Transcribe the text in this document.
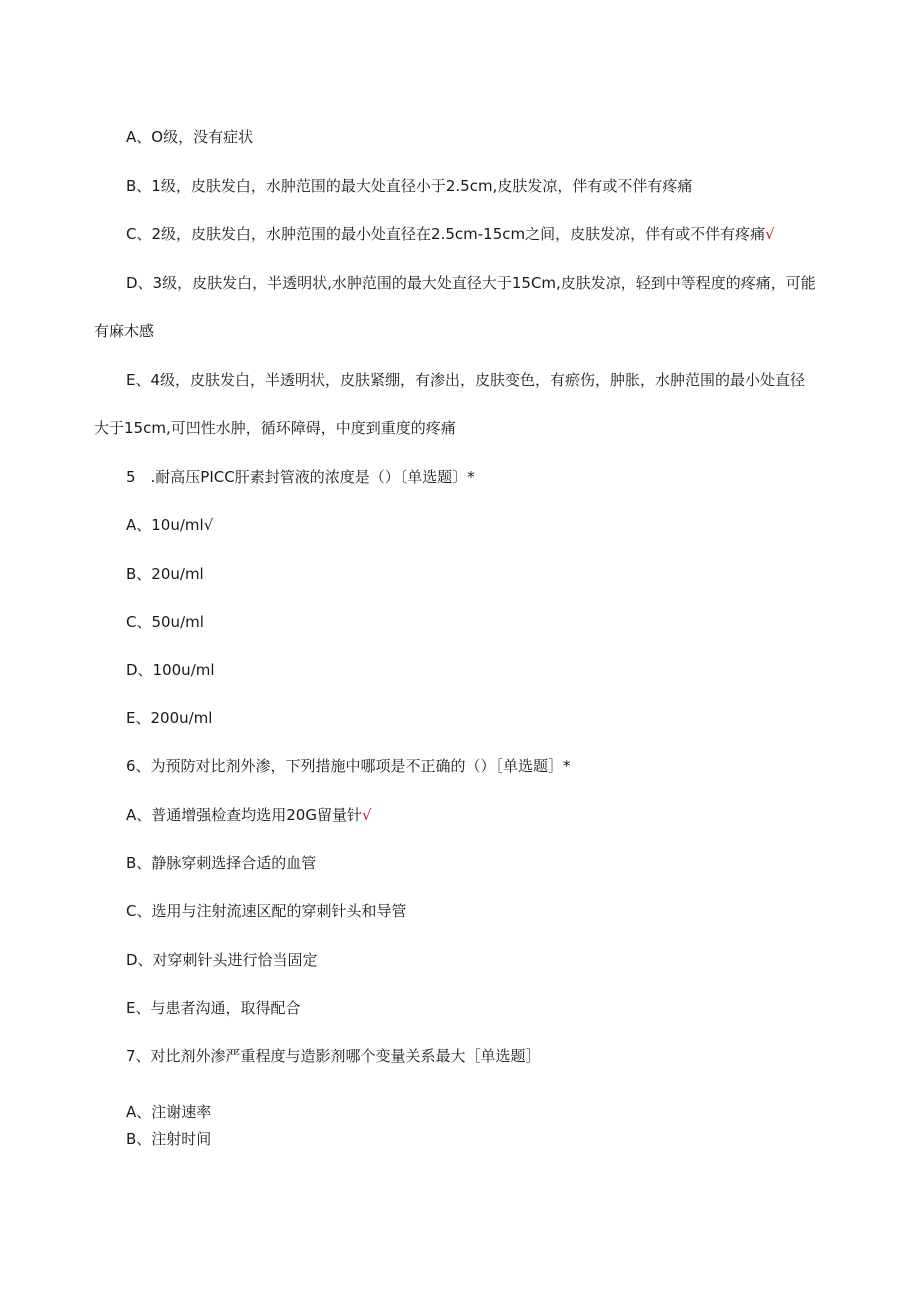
A、O级，没有症状
B、1级，皮肤发白，水肿范围的最大处直径小于2.5cm,皮肤发凉，伴有或不伴有疼痛
C、2级，皮肤发白，水肿范围的最小处直径在2.5cm-15cm之间，皮肤发凉，伴有或不伴有疼痛√
D、3级，皮肤发白，半透明状,水肿范围的最大处直径大于15Cm,皮肤发凉，轻到中等程度的疼痛，可能
有麻木感
E、4级，皮肤发白，半透明状，皮肤紧绷，有渗出，皮肤变色，有瘀伤，肿胀，水肿范围的最小处直径
大于15cm,可凹性水肿，循环障碍，中度到重度的疼痛
5　.耐高压PICC肝素封管液的浓度是（）〔单选题〕*
A、10u∕ml√
B、20u∕ml
C、50u∕ml
D、100u∕ml
E、200u∕ml
6、为预防对比剂外渗，下列措施中哪项是不正确的（）［单选题］*
A、普通增强检查均选用20G留量针√
B、静脉穿刺选择合适的血管
C、选用与注射流速区配的穿刺针头和导管
D、对穿刺针头进行恰当固定
E、与患者沟通，取得配合
7、对比剂外渗严重程度与造影剂哪个变量关系最大［单选题］
A、注谢速率
B、注射时间
